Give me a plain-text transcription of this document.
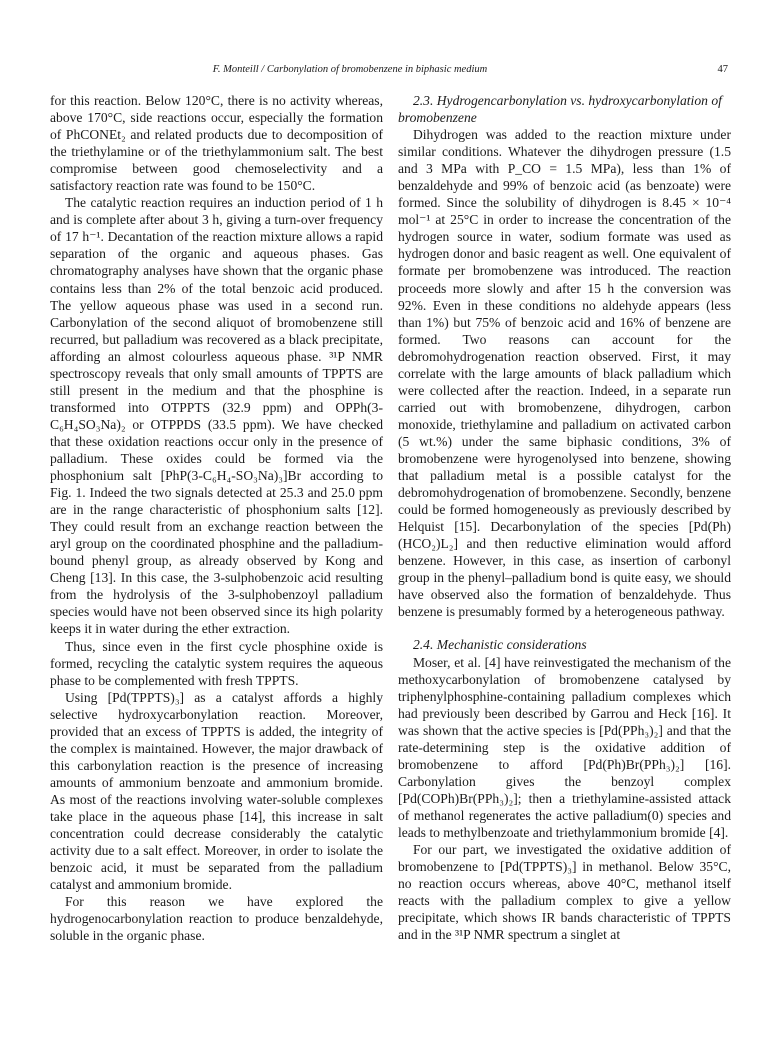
F. Monteill / Carbonylation of bromobenzene in biphasic medium	47

for this reaction. Below 120°C, there is no activity whereas, above 170°C, side reactions occur, especially the formation of PhCONEt₂ and related products due to decomposition of the triethylamine or of the triethylammonium salt. The best compromise between good chemoselectivity and a satisfactory reaction rate was found to be 150°C.

The catalytic reaction requires an induction period of 1 h and is complete after about 3 h, giving a turn-over frequency of 17 h⁻¹. Decantation of the reaction mixture allows a rapid separation of the organic and aqueous phases. Gas chromatography analyses have shown that the organic phase contains less than 2% of the total benzoic acid produced. The yellow aqueous phase was used in a second run. Carbonylation of the second aliquot of bromobenzene still recurred, but palladium was recovered as a black precipitate, affording an almost colourless aqueous phase. ³¹P NMR spectroscopy reveals that only small amounts of TPPTS are still present in the medium and that the phosphine is transformed into OTPPTS (32.9 ppm) and OPPh(3-C₆H₄SO₃Na)₂ or OTPPDS (33.5 ppm). We have checked that these oxidation reactions occur only in the presence of palladium. These oxides could be formed via the phosphonium salt [PhP(3-C₆H₄-SO₃Na)₃]Br according to Fig. 1. Indeed the two signals detected at 25.3 and 25.0 ppm are in the range characteristic of phosphonium salts [12]. They could result from an exchange reaction between the aryl group on the coordinated phosphine and the palladium-bound phenyl group, as already observed by Kong and Cheng [13]. In this case, the 3-sulphobenzoic acid resulting from the hydrolysis of the 3-sulphobenzoyl palladium species would have not been observed since its high polarity keeps it in water during the ether extraction.

Thus, since even in the first cycle phosphine oxide is formed, recycling the catalytic system requires the aqueous phase to be complemented with fresh TPPTS.

Using [Pd(TPPTS)₃] as a catalyst affords a highly selective hydroxycarbonylation reaction. Moreover, provided that an excess of TPPTS is added, the integrity of the complex is maintained. However, the major drawback of this carbonylation reaction is the presence of increasing amounts of ammonium benzoate and ammonium bromide. As most of the reactions involving water-soluble complexes take place in the aqueous phase [14], this increase in salt concentration could decrease considerably the catalytic activity due to a salt effect. Moreover, in order to isolate the benzoic acid, it must be separated from the palladium catalyst and ammonium bromide.

For this reason we have explored the hydrogenocarbonylation reaction to produce benzaldehyde, soluble in the organic phase.

2.3. Hydrogencarbonylation vs. hydroxycarbonylation of bromobenzene

Dihydrogen was added to the reaction mixture under similar conditions. Whatever the dihydrogen pressure (1.5 and 3 MPa with P_CO = 1.5 MPa), less than 1% of benzaldehyde and 99% of benzoic acid (as benzoate) were formed. Since the solubility of dihydrogen is 8.45 × 10⁻⁴ mol⁻¹ at 25°C in order to increase the concentration of the hydrogen source in water, sodium formate was used as hydrogen donor and basic reagent as well. One equivalent of formate per bromobenzene was introduced. The reaction proceeds more slowly and after 15 h the conversion was 92%. Even in these conditions no aldehyde appears (less than 1%) but 75% of benzoic acid and 16% of benzene are formed. Two reasons can account for the debromohydrogenation reaction observed. First, it may correlate with the large amounts of black palladium which were collected after the reaction. Indeed, in a separate run carried out with bromobenzene, dihydrogen, carbon monoxide, triethylamine and palladium on activated carbon (5 wt.%) under the same biphasic conditions, 3% of bromobenzene were hyrogenolysed into benzene, showing that palladium metal is a possible catalyst for the debromohydrogenation of bromobenzene. Secondly, benzene could be formed homogeneously as previously described by Helquist [15]. Decarbonylation of the species [Pd(Ph)(HCO₂)L₂] and then reductive elimination would afford benzene. However, in this case, as insertion of carbonyl group in the phenyl–palladium bond is quite easy, we should have observed also the formation of benzaldehyde. Thus benzene is presumably formed by a heterogeneous pathway.

2.4. Mechanistic considerations

Moser, et al. [4] have reinvestigated the mechanism of the methoxycarbonylation of bromobenzene catalysed by triphenylphosphine-containing palladium complexes which had previously been described by Garrou and Heck [16]. It was shown that the active species is [Pd(PPh₃)₂] and that the rate-determining step is the oxidative addition of bromobenzene to afford [Pd(Ph)Br(PPh₃)₂] [16]. Carbonylation gives the benzoyl complex [Pd(COPh)Br(PPh₃)₂]; then a triethylamine-assisted attack of methanol regenerates the active palladium(0) species and leads to methylbenzoate and triethylammonium bromide [4].

For our part, we investigated the oxidative addition of bromobenzene to [Pd(TPPTS)₃] in methanol. Below 35°C, no reaction occurs whereas, above 40°C, methanol itself reacts with the palladium complex to give a yellow precipitate, which shows IR bands characteristic of TPPTS and in the ³¹P NMR spectrum a singlet at
